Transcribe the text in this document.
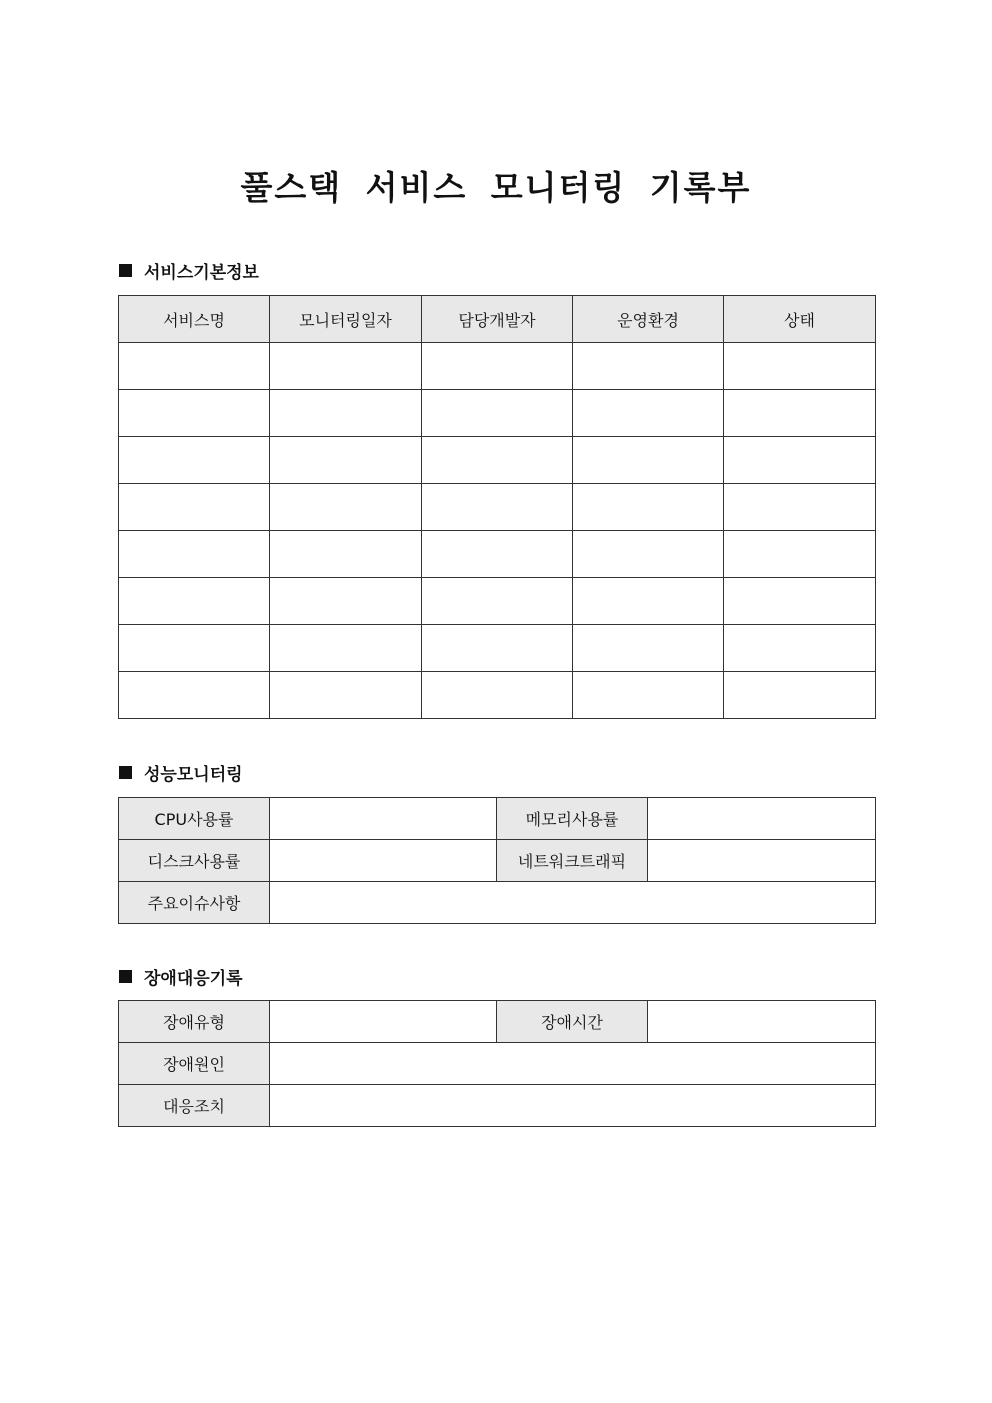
풀스택 서비스 모니터링 기록부
서비스기본정보
서비스명	모니터링일자	담당개발자	운영환경	상태

성능모니터링
CPU사용률		메모리사용률	
디스크사용률		네트워크트래픽	
주요이슈사항			
장애대응기록
장애유형		장애시간	
장애원인			
대응조치			
